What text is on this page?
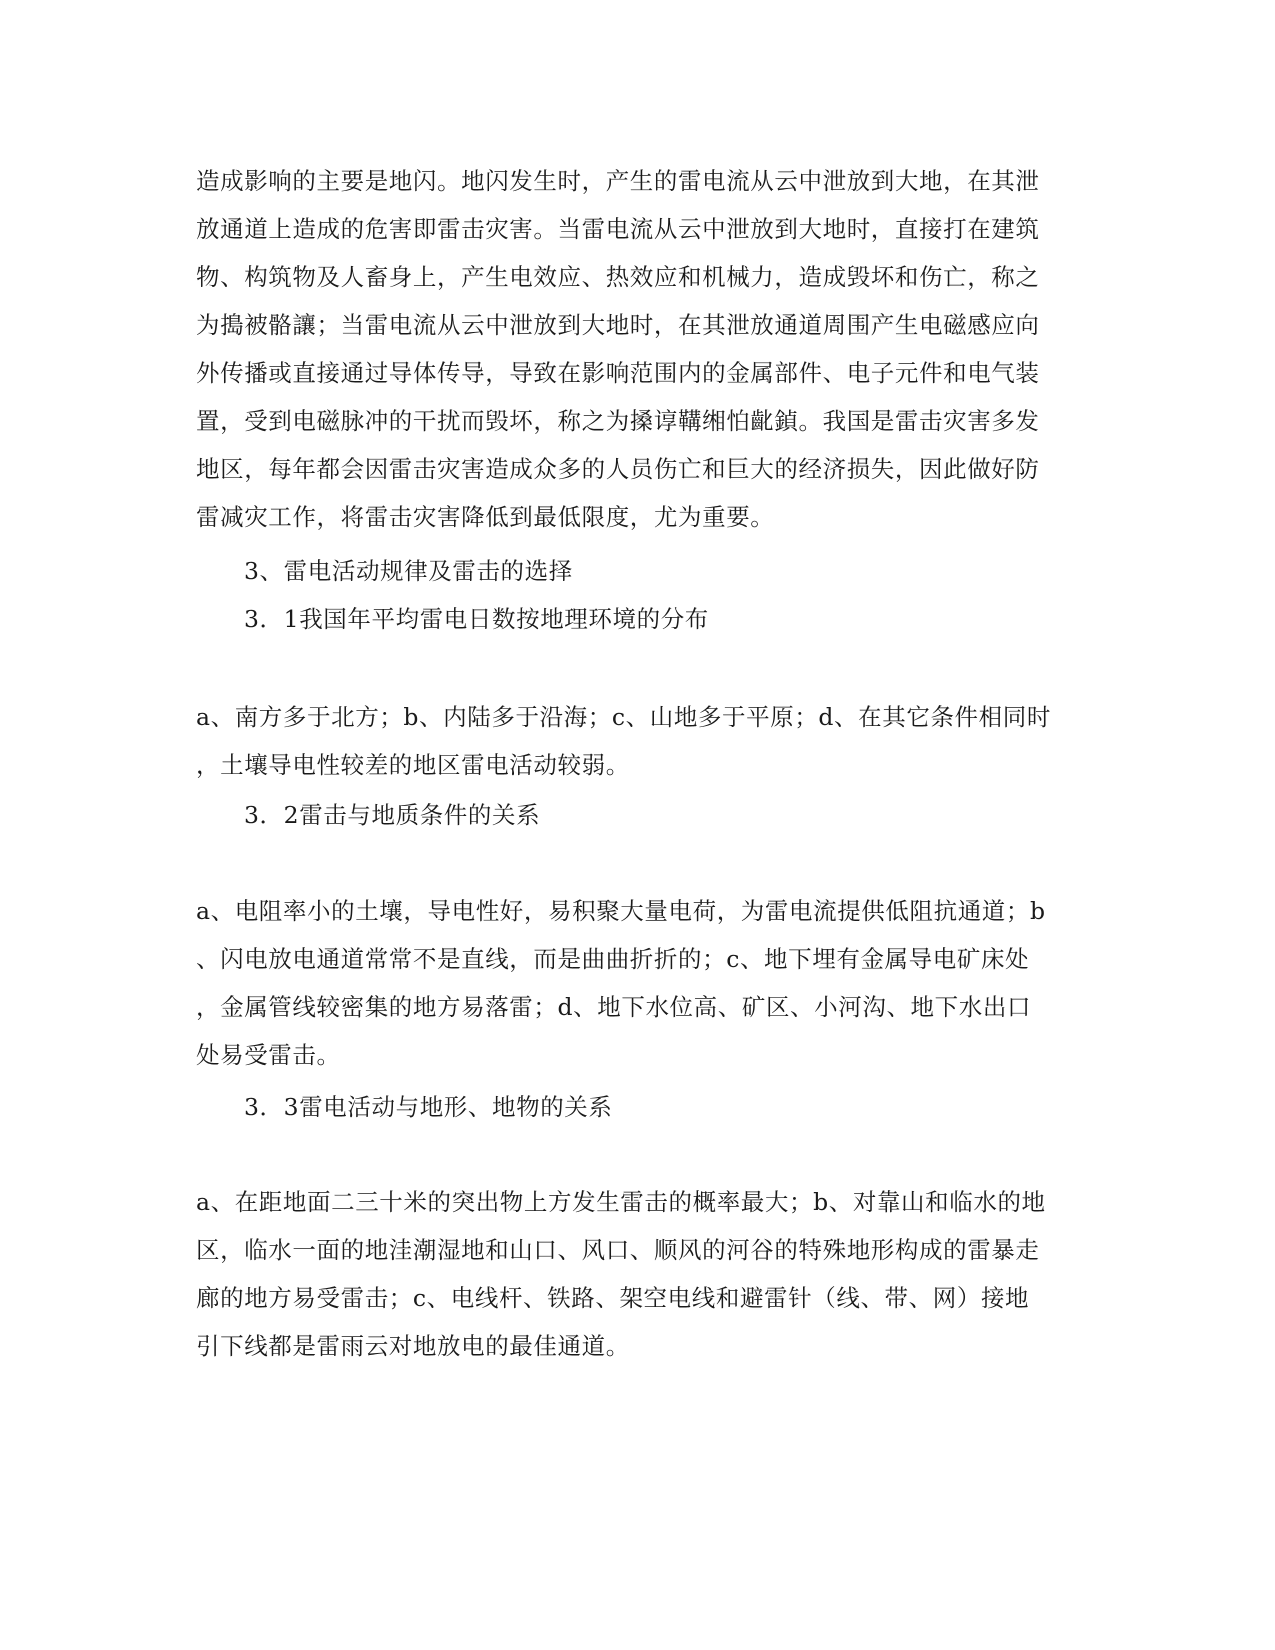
造成影响的主要是地闪。地闪发生时，产生的雷电流从云中泄放到大地，在其泄
放通道上造成的危害即雷击灾害。当雷电流从云中泄放到大地时，直接打在建筑
物、构筑物及人畜身上，产生电效应、热效应和机械力，造成毁坏和伤亡，称之
为搗被骼讓；当雷电流从云中泄放到大地时，在其泄放通道周围产生电磁感应向
外传播或直接通过导体传导，导致在影响范围内的金属部件、电子元件和电气装
置，受到电磁脉冲的干扰而毁坏，称之为搡谆鞲缃怕齔鍞。我国是雷击灾害多发
地区，每年都会因雷击灾害造成众多的人员伤亡和巨大的经济损失，因此做好防
雷减灾工作，将雷击灾害降低到最低限度，尤为重要。

3、雷电活动规律及雷击的选择

3．1我国年平均雷电日数按地理环境的分布

a、南方多于北方；b、内陆多于沿海；c、山地多于平原；d、在其它条件相同时
，土壤导电性较差的地区雷电活动较弱。

3．2雷击与地质条件的关系

a、电阻率小的土壤，导电性好，易积聚大量电荷，为雷电流提供低阻抗通道；b
、闪电放电通道常常不是直线，而是曲曲折折的；c、地下埋有金属导电矿床处
，金属管线较密集的地方易落雷；d、地下水位高、矿区、小河沟、地下水出口
处易受雷击。

3．3雷电活动与地形、地物的关系

a、在距地面二三十米的突出物上方发生雷击的概率最大；b、对靠山和临水的地
区，临水一面的地洼潮湿地和山口、风口、顺风的河谷的特殊地形构成的雷暴走
廊的地方易受雷击；c、电线杆、铁路、架空电线和避雷针（线、带、网）接地
引下线都是雷雨云对地放电的最佳通道。
